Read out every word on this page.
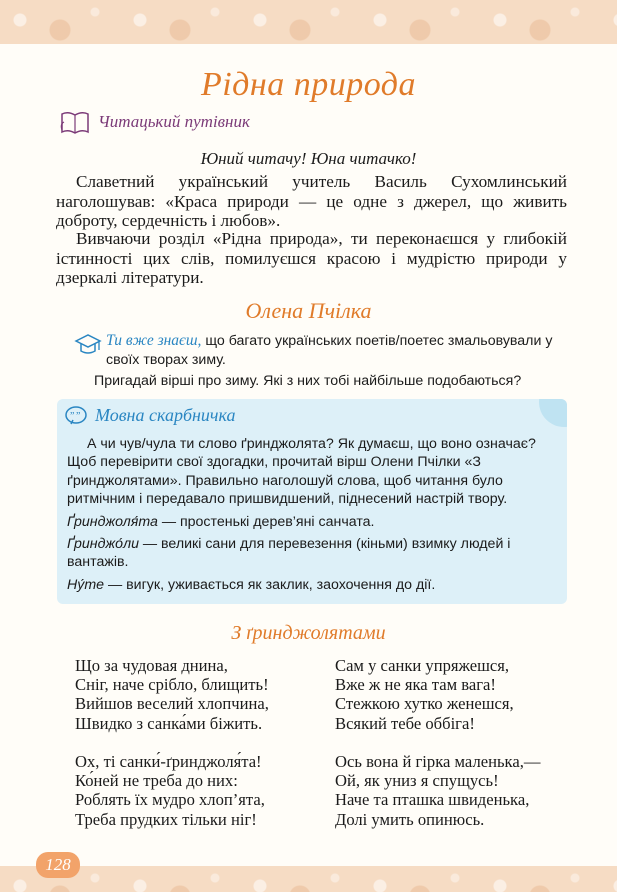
Рідна природа
Читацький путівник
Юний читачу! Юна читачко!
Славетний український учитель Василь Сухомлинський наголошував: «Краса природи — це одне з джерел, що живить доброту, сердечність і любов».
Вивчаючи розділ «Рідна природа», ти переконаєшся у глибокій істинності цих слів, помилуєшся красою і мудрістю природи у дзеркалі літератури.
Олена Пчілка
Ти вже знаєш, що багато українських поетів/поетес змальовували у своїх творах зиму.
Пригадай вірші про зиму. Які з них тобі найбільше подобаються?
” ” Мовна скарбничка

А чи чув/чула ти слово ґринджолята? Як думаєш, що воно означає? Щоб перевірити свої здогадки, прочитай вірш Олени Пчілки «З ґринджолятами». Правильно наголошуй слова, щоб читання було ритмічним і передавало пришвидшений, піднесений настрій твору.

Ґринджоля́та — простенькі дерев’яні санчата.

Ґринджо́ли — великі сани для перевезення (кіньми) взимку людей і вантажів.

Ну́те — вигук, уживається як заклик, заохочення до дії.

З ґринджолятами
Що за чудовая днина,
Сніг, наче срібло, блищить!
Вийшов веселий хлопчина,
Швидко з санка́ми біжить.
Ох, ті санки́-ґринджоля́та!
Ко́ней не треба до них:
Роблять їх мудро хлоп’ята,
Треба прудких тільки ніг!
Сам у санки упряжешся,
Вже ж не яка там вага!
Стежкою хутко женешся,
Всякий тебе оббіга!
Ось вона й гірка маленька,—
Ой, як униз я спущусь!
Наче та пташка швиденька,
Долі умить опинюсь.
128
